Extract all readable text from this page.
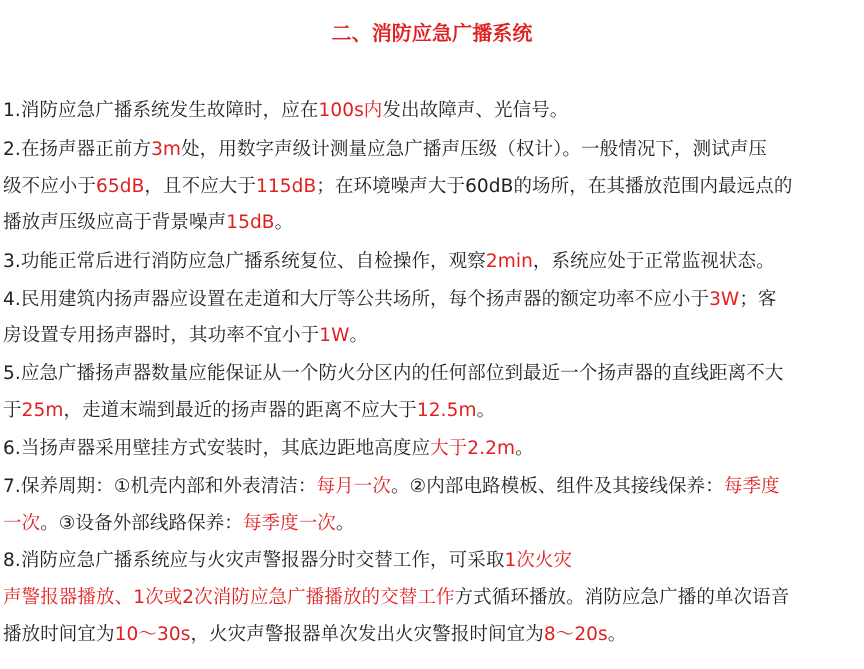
二、消防应急广播系统
1.消防应急广播系统发生故障时，应在100s内发出故障声、光信号。
2.在扬声器正前方3m处，用数字声级计测量应急广播声压级（权计）。一般情况下，测试声压
级不应小于65dB，且不应大于115dB；在环境噪声大于60dB的场所，在其播放范围内最远点的
播放声压级应高于背景噪声15dB。
3.功能正常后进行消防应急广播系统复位、自检操作，观察2min，系统应处于正常监视状态。
4.民用建筑内扬声器应设置在走道和大厅等公共场所，每个扬声器的额定功率不应小于3W；客
房设置专用扬声器时，其功率不宜小于1W。
5.应急广播扬声器数量应能保证从一个防火分区内的任何部位到最近一个扬声器的直线距离不大
于25m，走道末端到最近的扬声器的距离不应大于12.5m。
6.当扬声器采用壁挂方式安装时，其底边距地高度应大于2.2m。
7.保养周期：①机壳内部和外表清洁：每月一次。②内部电路模板、组件及其接线保养：每季度
一次。③设备外部线路保养：每季度一次。
8.消防应急广播系统应与火灾声警报器分时交替工作，可采取1次火灾
声警报器播放、1次或2次消防应急广播播放的交替工作方式循环播放。消防应急广播的单次语音
播放时间宜为10～30s，火灾声警报器单次发出火灾警报时间宜为8～20s。
